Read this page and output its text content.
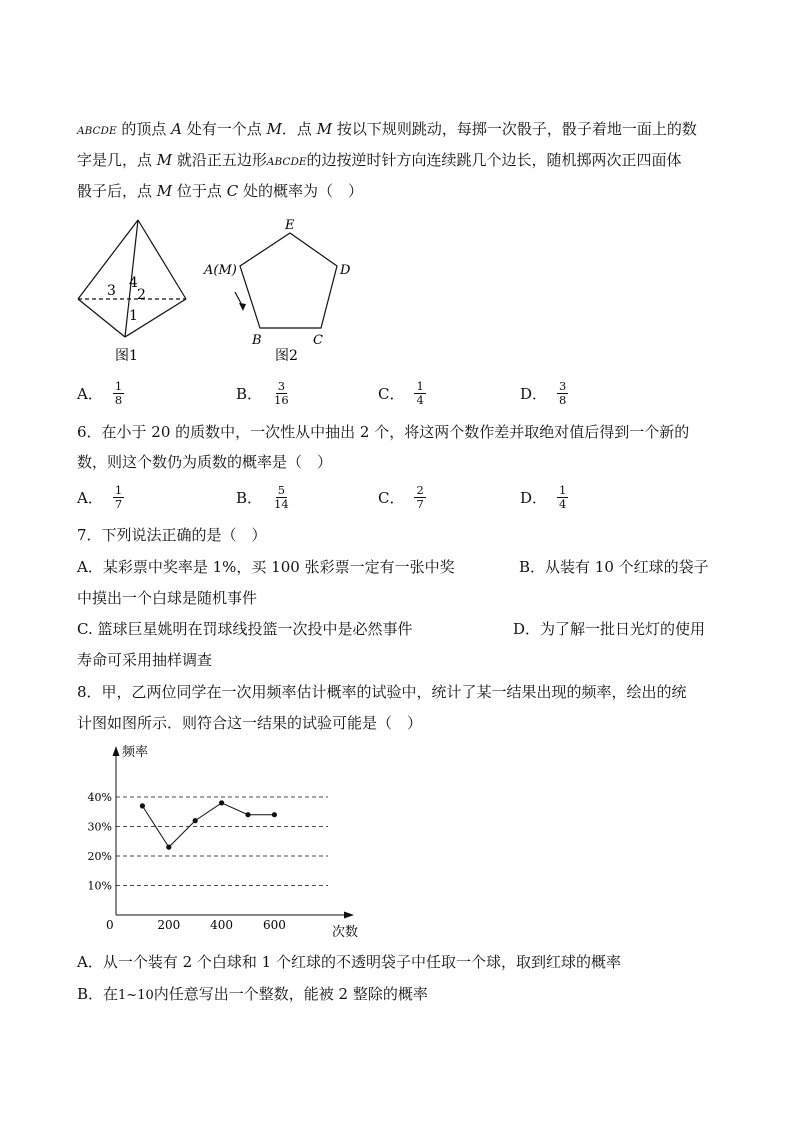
ABCDE 的顶点 A 处有一个点 M．点 M 按以下规则跳动，每掷一次骰子，骰子着地一面上的数
字是几，点 M 就沿正五边形ABCDE的边按逆时针方向连续跳几个边长，随机掷两次正四面体
骰子后，点 M 位于点 C 处的概率为（　）
3 4
2
1
图1
E
A(M)	D
B	C
图2
A． $\frac{1}{8}$	B． $\frac{3}{16}$	C． $\frac{1}{4}$	D． $\frac{3}{8}$
6．在小于 20 的质数中，一次性从中抽出 2 个，将这两个数作差并取绝对值后得到一个新的
数，则这个数仍为质数的概率是（　）
A． $\frac{1}{7}$	B． $\frac{5}{14}$	C． $\frac{2}{7}$	D． $\frac{1}{4}$
7．下列说法正确的是（　）
A．某彩票中奖率是 1%，买 100 张彩票一定有一张中奖	B．从装有 10 个红球的袋子
中摸出一个白球是随机事件
C. 篮球巨星姚明在罚球线投篮一次投中是必然事件	D．为了解一批日光灯的使用
寿命可采用抽样调查
8．甲，乙两位同学在一次用频率估计概率的试验中，统计了某一结果出现的频率，绘出的统
计图如图所示．则符合这一结果的试验可能是（　）
频率
次数
0
10%
20%
30%
40%
200 400 600
A．从一个装有 2 个白球和 1 个红球的不透明袋子中任取一个球，取到红球的概率
B．在1~10内任意写出一个整数，能被 2 整除的概率
